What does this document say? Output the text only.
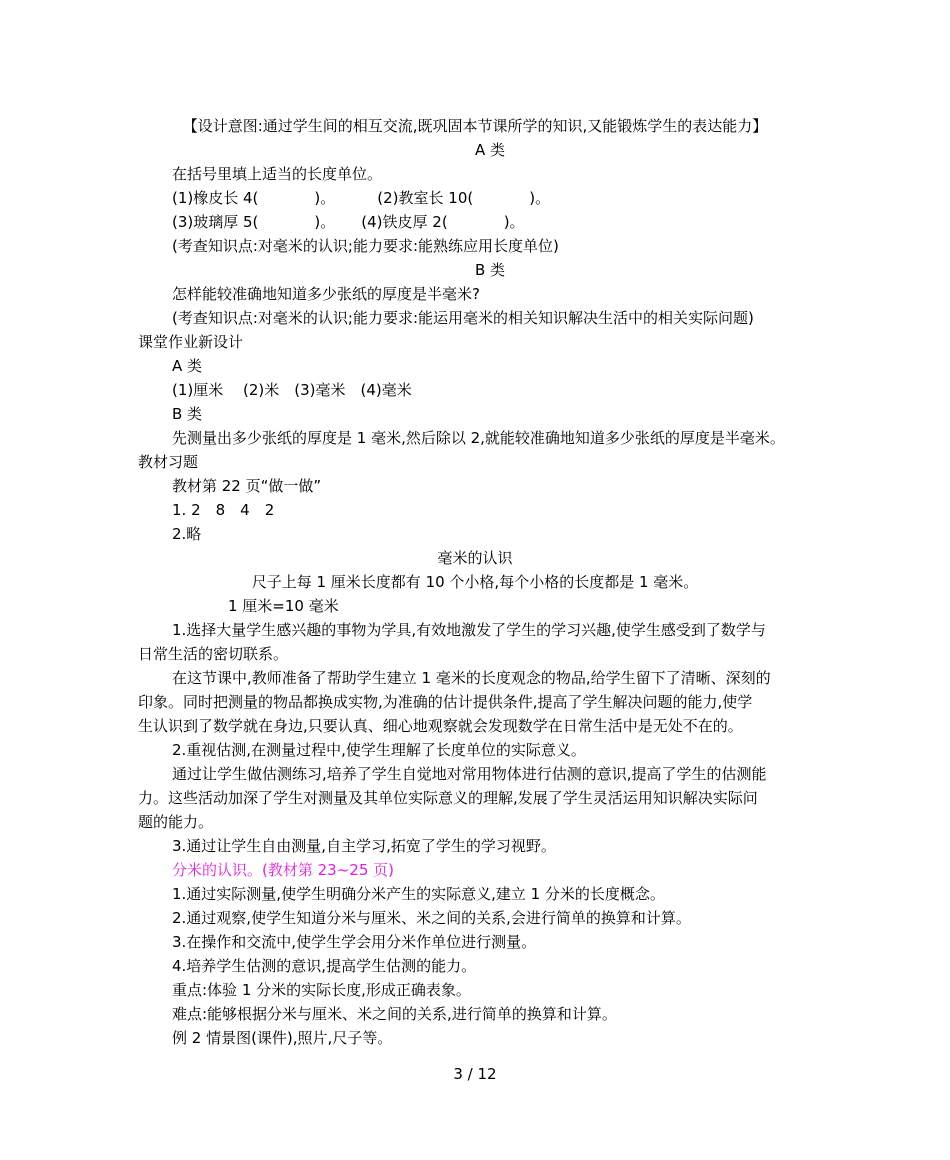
【设计意图:通过学生间的相互交流,既巩固本节课所学的知识,又能锻炼学生的表达能力】
A 类
在括号里填上适当的长度单位。
(1)橡皮长 4(	)。	(2)教室长 10(	)。
(3)玻璃厚 5(	)。 (4)铁皮厚 2(	)。
(考查知识点:对毫米的认识;能力要求:能熟练应用长度单位)
B 类
怎样能较准确地知道多少张纸的厚度是半毫米?
(考查知识点:对毫米的认识;能力要求:能运用毫米的相关知识解决生活中的相关实际问题)
课堂作业新设计
A 类
(1)厘米　 (2)米　(3)毫米　(4)毫米
B 类
先测量出多少张纸的厚度是 1 毫米,然后除以 2,就能较准确地知道多少张纸的厚度是半毫米。
教材习题
教材第 22 页“做一做”
1. 2　8　4　2
2.略
毫米的认识
尺子上每 1 厘米长度都有 10 个小格,每个小格的长度都是 1 毫米。
1 厘米=10 毫米
1.选择大量学生感兴趣的事物为学具,有效地激发了学生的学习兴趣,使学生感受到了数学与
日常生活的密切联系。
在这节课中,教师准备了帮助学生建立 1 毫米的长度观念的物品,给学生留下了清晰、深刻的
印象。同时把测量的物品都换成实物,为准确的估计提供条件,提高了学生解决问题的能力,使学
生认识到了数学就在身边,只要认真、细心地观察就会发现数学在日常生活中是无处不在的。
2.重视估测,在测量过程中,使学生理解了长度单位的实际意义。
通过让学生做估测练习,培养了学生自觉地对常用物体进行估测的意识,提高了学生的估测能
力。这些活动加深了学生对测量及其单位实际意义的理解,发展了学生灵活运用知识解决实际问
题的能力。
3.通过让学生自由测量,自主学习,拓宽了学生的学习视野。
分米的认识。(教材第 23~25 页)
1.通过实际测量,使学生明确分米产生的实际意义,建立 1 分米的长度概念。
2.通过观察,使学生知道分米与厘米、米之间的关系,会进行简单的换算和计算。
3.在操作和交流中,使学生学会用分米作单位进行测量。
4.培养学生估测的意识,提高学生估测的能力。
重点:体验 1 分米的实际长度,形成正确表象。
难点:能够根据分米与厘米、米之间的关系,进行简单的换算和计算。
例 2 情景图(课件),照片,尺子等。
3 / 12
